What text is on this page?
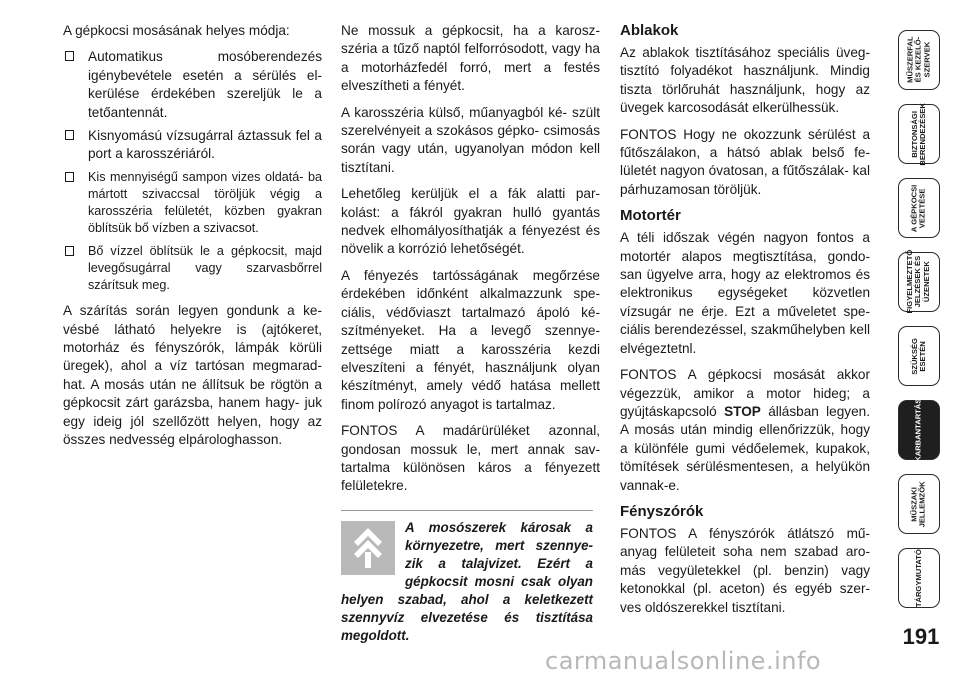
A gépkocsi mosásának helyes módja:

Automatikus mosóberendezés igénybevétele esetén a sérülés el- kerülése érdekében szereljük le a tetőantennát.
Kisnyomású vízsugárral áztassuk fel a port a karosszériáról.
Kis mennyiségű sampon vizes oldatá- ba mártott szivaccsal töröljük végig a karosszéria felületét, közben gyakran öblítsük bő vízben a szivacsot.
Bő vízzel öblítsük le a gépkocsit, majd levegősugárral vagy szarvasbőrrel szárítsuk meg.

A szárítás során legyen gondunk a ke- vésbé látható helyekre is (ajtókeret, motorház és fényszórók, lámpák körüli üregek), ahol a víz tartósan megmarad- hat. A mosás után ne állítsuk be rögtön a gépkocsit zárt garázsba, hanem hagy- juk egy ideig jól szellőzött helyen, hogy az összes nedvesség elpárologhasson.

Ne mossuk a gépkocsit, ha a karosz- széria a tűző naptól felforrósodott, vagy ha a motorházfedél forró, mert a festés elveszítheti a fényét.

A karosszéria külső, műanyagból ké- szült szerelvényeit a szokásos gépko- csimosás során vagy után, ugyanolyan módon kell tisztítani.

Lehetőleg kerüljük el a fák alatti par- kolást: a fákról gyakran hulló gyantás nedvek elhomályosíthatják a fényezést és növelik a korrózió lehetőségét.

A fényezés tartósságának megőrzése érdekében időnként alkalmazzunk spe- ciális, védőviaszt tartalmazó ápoló ké- szítményeket. Ha a levegő szennye- zettsége miatt a karosszéria kezdi elveszíteni a fényét, használjunk olyan készítményt, amely védő hatása mellett finom polírozó anyagot is tartalmaz.

FONTOS A madárürüléket azonnal, gondosan mossuk le, mert annak sav- tartalma különösen káros a fényezett felületekre.

A mosószerek károsak a környezetre, mert szennye- zik a talajvizet. Ezért a gépkocsit mosni csak olyan helyen szabad, ahol a keletkezett szennyvíz elvezetése és tisztítása megoldott.
Ablakok

Az ablakok tisztításához speciális üveg- tisztító folyadékot használjunk. Mindig tiszta törlőruhát használjunk, hogy az üvegek karcosodását elkerülhessük.

FONTOS Hogy ne okozzunk sérülést a fűtőszálakon, a hátsó ablak belső fe- lületét nagyon óvatosan, a fűtőszálak- kal párhuzamosan töröljük.

Motortér

A téli időszak végén nagyon fontos a motortér alapos megtisztítása, gondo- san ügyelve arra, hogy az elektromos és elektronikus egységeket közvetlen vízsugár ne érje. Ezt a műveletet spe- ciális berendezéssel, szakműhelyben kell elvégeztetnl.

FONTOS A gépkocsi mosását akkor végezzük, amikor a motor hideg; a gyújtáskapcsoló STOP állásban legyen. A mosás után mindig ellenőrizzük, hogy a különféle gumi védőelemek, kupakok, tömítések sérülésmentesen, a helyükön vannak-e.

Fényszórók

FONTOS A fényszórók átlátszó mű- anyag felületeit soha nem szabad aro- más vegyületekkel (pl. benzin) vagy ketonokkal (pl. aceton) és egyéb szer- ves oldószerekkel tisztítani.

MŰSZERFAL
ÉS KEZELŐ-
SZERVEK
BIZTONSÁGI
BERENDEZÉSEK
A GÉPKOCSI
VEZETÉSE
FIGYELMEZTETŐ
JELZÉSEK ÉS
ÜZENETEK
SZÜKSÉG
ESETÉN
KARBANTARTÁS
MŰSZAKI
JELLEMZŐK
TÁRGYMUTATÓ
191
carmanualsonline.info
